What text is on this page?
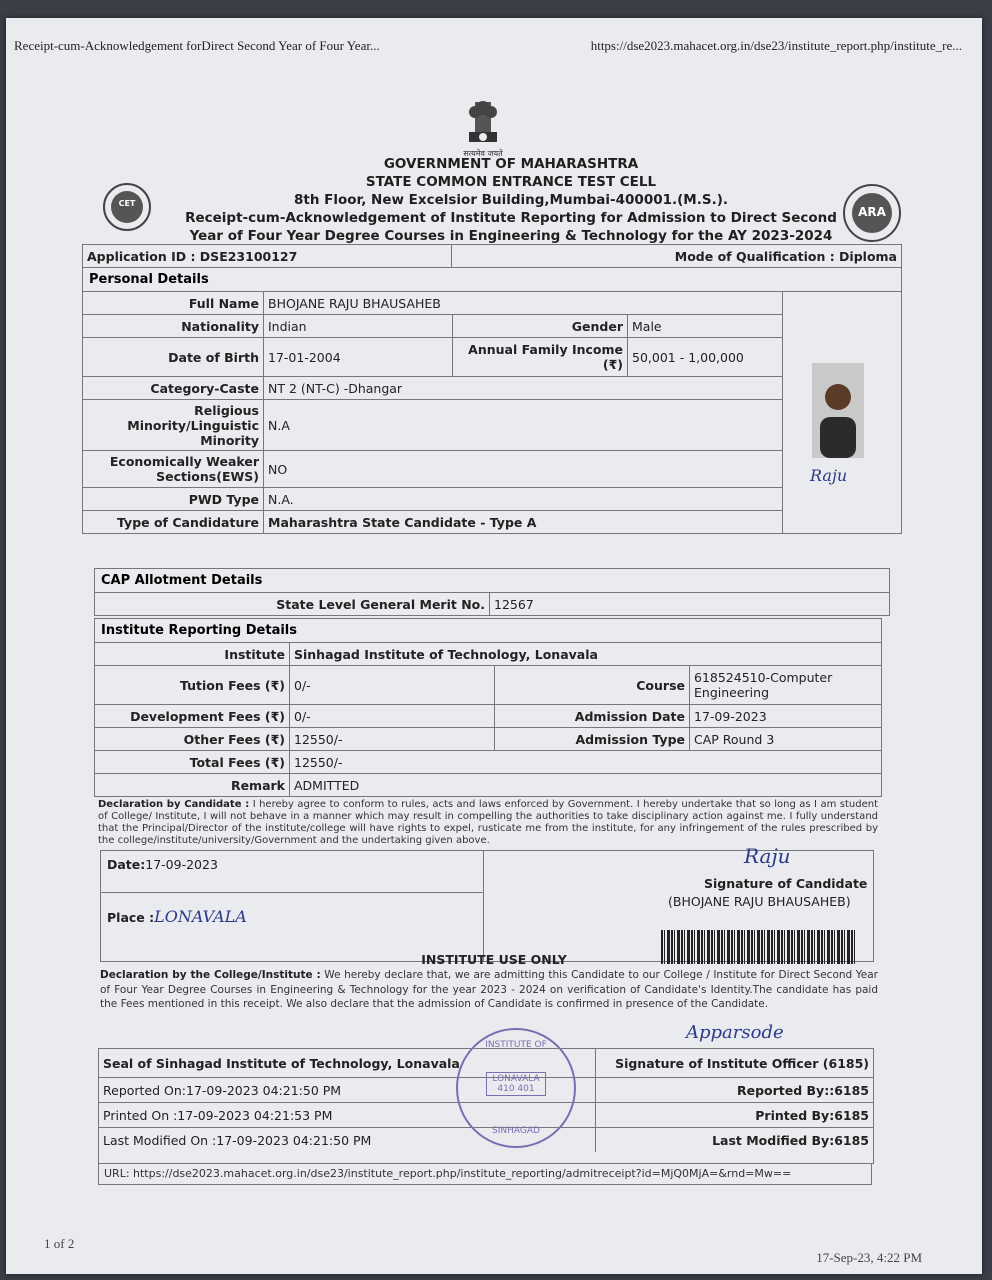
Receipt-cum-Acknowledgement forDirect Second Year of Four Year...	https://dse2023.mahacet.org.in/dse23/institute_report.php/institute_re...
सत्यमेव जयते
CET
ARA
GOVERNMENT OF MAHARASHTRA
STATE COMMON ENTRANCE TEST CELL
8th Floor, New Excelsior Building,Mumbai-400001.(M.S.).
Receipt-cum-Acknowledgement of Institute Reporting for Admission to Direct Second
Year of Four Year Degree Courses in Engineering & Technology for the AY 2023-2024
Application ID : DSE23100127	Mode of Qualification : Diploma
Personal Details
Full Name BHOJANE RAJU BHAUSAHEB
Nationality Indian	Gender Male
Date of Birth 17-01-2004	Annual Family Income (₹) 50,001 - 1,00,000
Category-Caste NT 2 (NT-C) -Dhangar
Religious Minority/Linguistic Minority
N.A
Economically Weaker Sections(EWS) NO
PWD Type N.A.
Type of Candidature Maharashtra State Candidate - Type A
Raju
CAP Allotment Details
State Level General Merit No. 12567
Institute Reporting Details
Institute Sinhagad Institute of Technology, Lonavala
Tution Fees (₹) 0/-	Course 618524510-Computer Engineering
Development Fees (₹) 0/-	Admission Date 17-09-2023
Other Fees (₹) 12550/-	Admission Type CAP Round 3
Total Fees (₹) 12550/-
Remark ADMITTED
Declaration by Candidate : I hereby agree to conform to rules, acts and laws enforced by Government. I hereby undertake that so long as I am student of College/ Institute, I will not behave in a manner which may result in compelling the authorities to take disciplinary action against me. I fully understand that the Principal/Director of the institute/college will have rights to expel, rusticate me from the institute, for any infringement of the rules prescribed by the college/institute/university/Government and the undertaking given above.
Date:17-09-2023
Place :LONAVALA
Raju
Signature of Candidate
(BHOJANE RAJU BHAUSAHEB)
INSTITUTE USE ONLY
Declaration by the College/Institute : We hereby declare that, we are admitting this Candidate to our College / Institute for Direct Second Year of Four Year Degree Courses in Engineering & Technology for the year 2023 - 2024 on verification of Candidate's Identity.The candidate has paid the Fees mentioned in this receipt. We also declare that the admission of Candidate is confirmed in presence of the Candidate.
Apparsode
Seal of Sinhagad Institute of Technology, Lonavala	Signature of Institute Officer (6185)
Reported On:17-09-2023 04:21:50 PM	Reported By::6185
Printed On :17-09-2023 04:21:53 PM	Printed By:6185
Last Modified On :17-09-2023 04:21:50 PM	Last Modified By:6185
URL: https://dse2023.mahacet.org.in/dse23/institute_report.php/institute_reporting/admitreceipt?id=MjQ0MjA=&rnd=Mw==
INSTITUTE OF
LONAVALA
410 401
SINHAGAD
1 of 2
17-Sep-23, 4:22 PM
